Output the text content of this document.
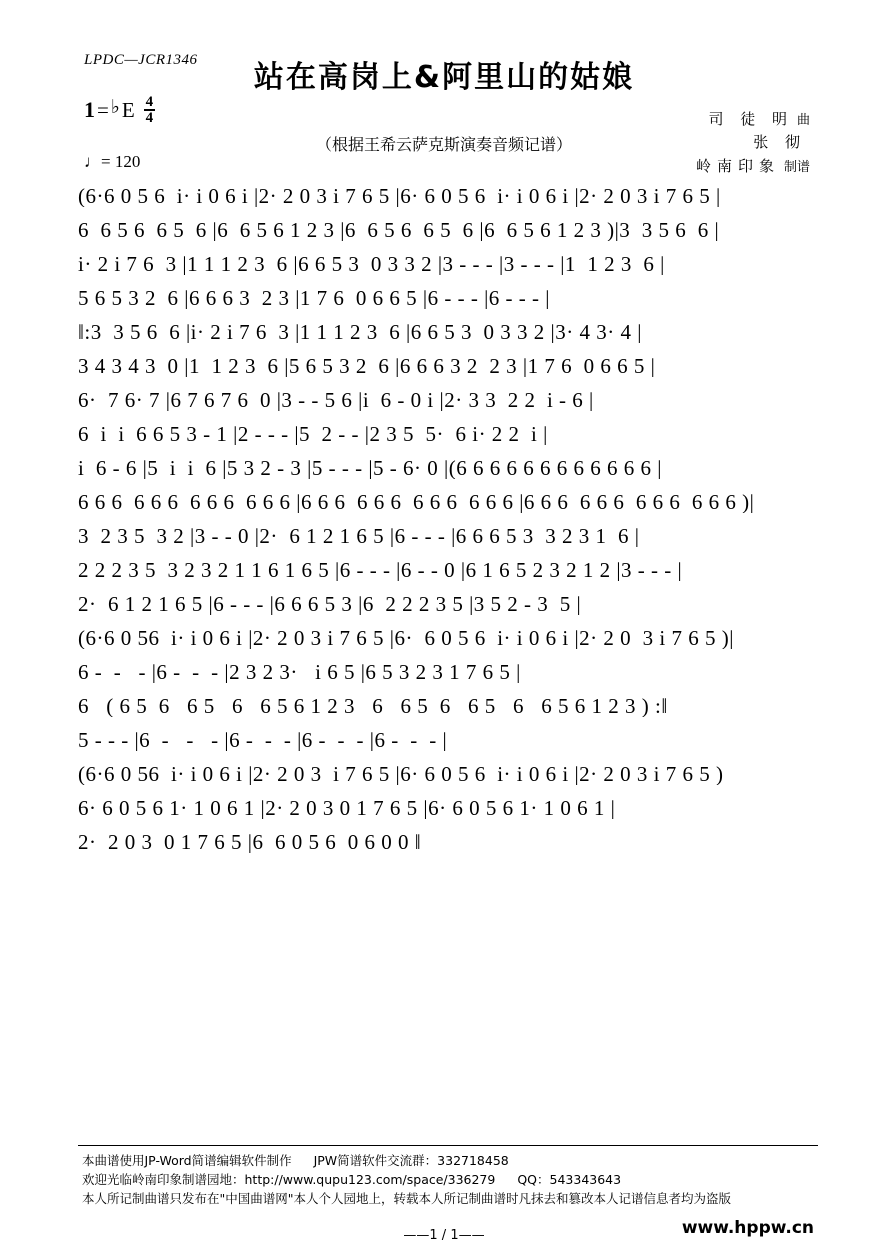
LPDC—JCR1346	站在高岗上&阿里山的姑娘
1 = ♭ E $\frac{4}{4}$
♩= 120
（根据王希云萨克斯演奏音频记谱）
司 徒 明 曲
张 彻
岭南印象 制谱
(6·6 0 5 6  i· i 0 6 i |2· 2 0 3 i 7 6 5 |6· 6 0 5 6  i· i 0 6 i |2· 2 0 3 i 7 6 5 |
6  6 5 6  6 5  6 |6  6 5 6 1 2 3 |6  6 5 6  6 5  6 |6  6 5 6 1 2 3 )|3  3 5 6  6 |
i· 2 i 7 6  3 |1 1 1 2 3  6 |6 6 5 3  0 3 3 2 |3 - - - |3 - - - |1  1 2 3  6 |
5 6 5 3 2  6 |6 6 6 3  2 3 |1 7 6  0 6 6 5 |6 - - - |6 - - - |
‖:3  3 5 6  6 |i· 2 i 7 6  3 |1 1 1 2 3  6 |6 6 5 3  0 3 3 2 |3· 4 3· 4 |
3 4 3 4 3  0 |1  1 2 3  6 |5 6 5 3 2  6 |6 6 6 3 2  2 3 |1 7 6  0 6 6 5 |
6·  7 6· 7 |6 7 6 7 6  0 |3 - - 5 6 |i  6 - 0 i |2· 3 3  2 2  i - 6 |
6  i  i  6 6 5 3 - 1 |2 - - - |5  2 - - |2 3 5  5·  6 i· 2 2  i |
i  6 - 6 |5  i  i  6 |5 3 2 - 3 |5 - - - |5 - 6· 0 |(6 6 6 6 6 6 6 6 6 6 6 6 |
6 6 6  6 6 6  6 6 6  6 6 6 |6 6 6  6 6 6  6 6 6  6 6 6 |6 6 6  6 6 6  6 6 6  6 6 6 )|
3  2 3 5  3 2 |3 - - 0 |2·  6 1 2 1 6 5 |6 - - - |6 6 6 5 3  3 2 3 1  6 |
2 2 2 3 5  3 2 3 2 1 1 6 1 6 5 |6 - - - |6 - - 0 |6 1 6 5 2 3 2 1 2 |3 - - - |
2·  6 1 2 1 6 5 |6 - - - |6 6 6 5 3 |6  2 2 2 3 5 |3 5 2 - 3  5 |
(6·6 0 56  i· i 0 6 i |2· 2 0 3 i 7 6 5 |6·  6 0 5 6  i· i 0 6 i |2· 2 0  3 i 7 6 5 )|
6 -  -   - |6 -  -  - |2 3 2 3·   i 6 5 |6 5 3 2 3 1 7 6 5 |
6   ( 6 5  6   6 5   6   6 5 6 1 2 3   6   6 5  6   6 5   6   6 5 6 1 2 3 ) :‖
5 - - - |6  -   -   - |6 -  -  - |6 -  -  - |6 -  -  - |
(6·6 0 56  i· i 0 6 i |2· 2 0 3  i 7 6 5 |6· 6 0 5 6  i· i 0 6 i |2· 2 0 3 i 7 6 5 )
6· 6 0 5 6 1· 1 0 6 1 |2· 2 0 3 0 1 7 6 5 |6· 6 0 5 6 1· 1 0 6 1 |
2·  2 0 3  0 1 7 6 5 |6  6 0 5 6  0 6 0 0 ‖
本曲谱使用JP-Word简谱编辑软件制作 JPW简谱软件交流群：332718458
欢迎光临岭南印象制谱园地：http://www.qupu123.com/space/336279 QQ：543343643
本人所记制曲谱只发布在"中国曲谱网"本人个人园地上，转载本人所记制曲谱时凡抹去和篡改本人记谱信息者均为盗版
——1 / 1——	www.hppw.cn
